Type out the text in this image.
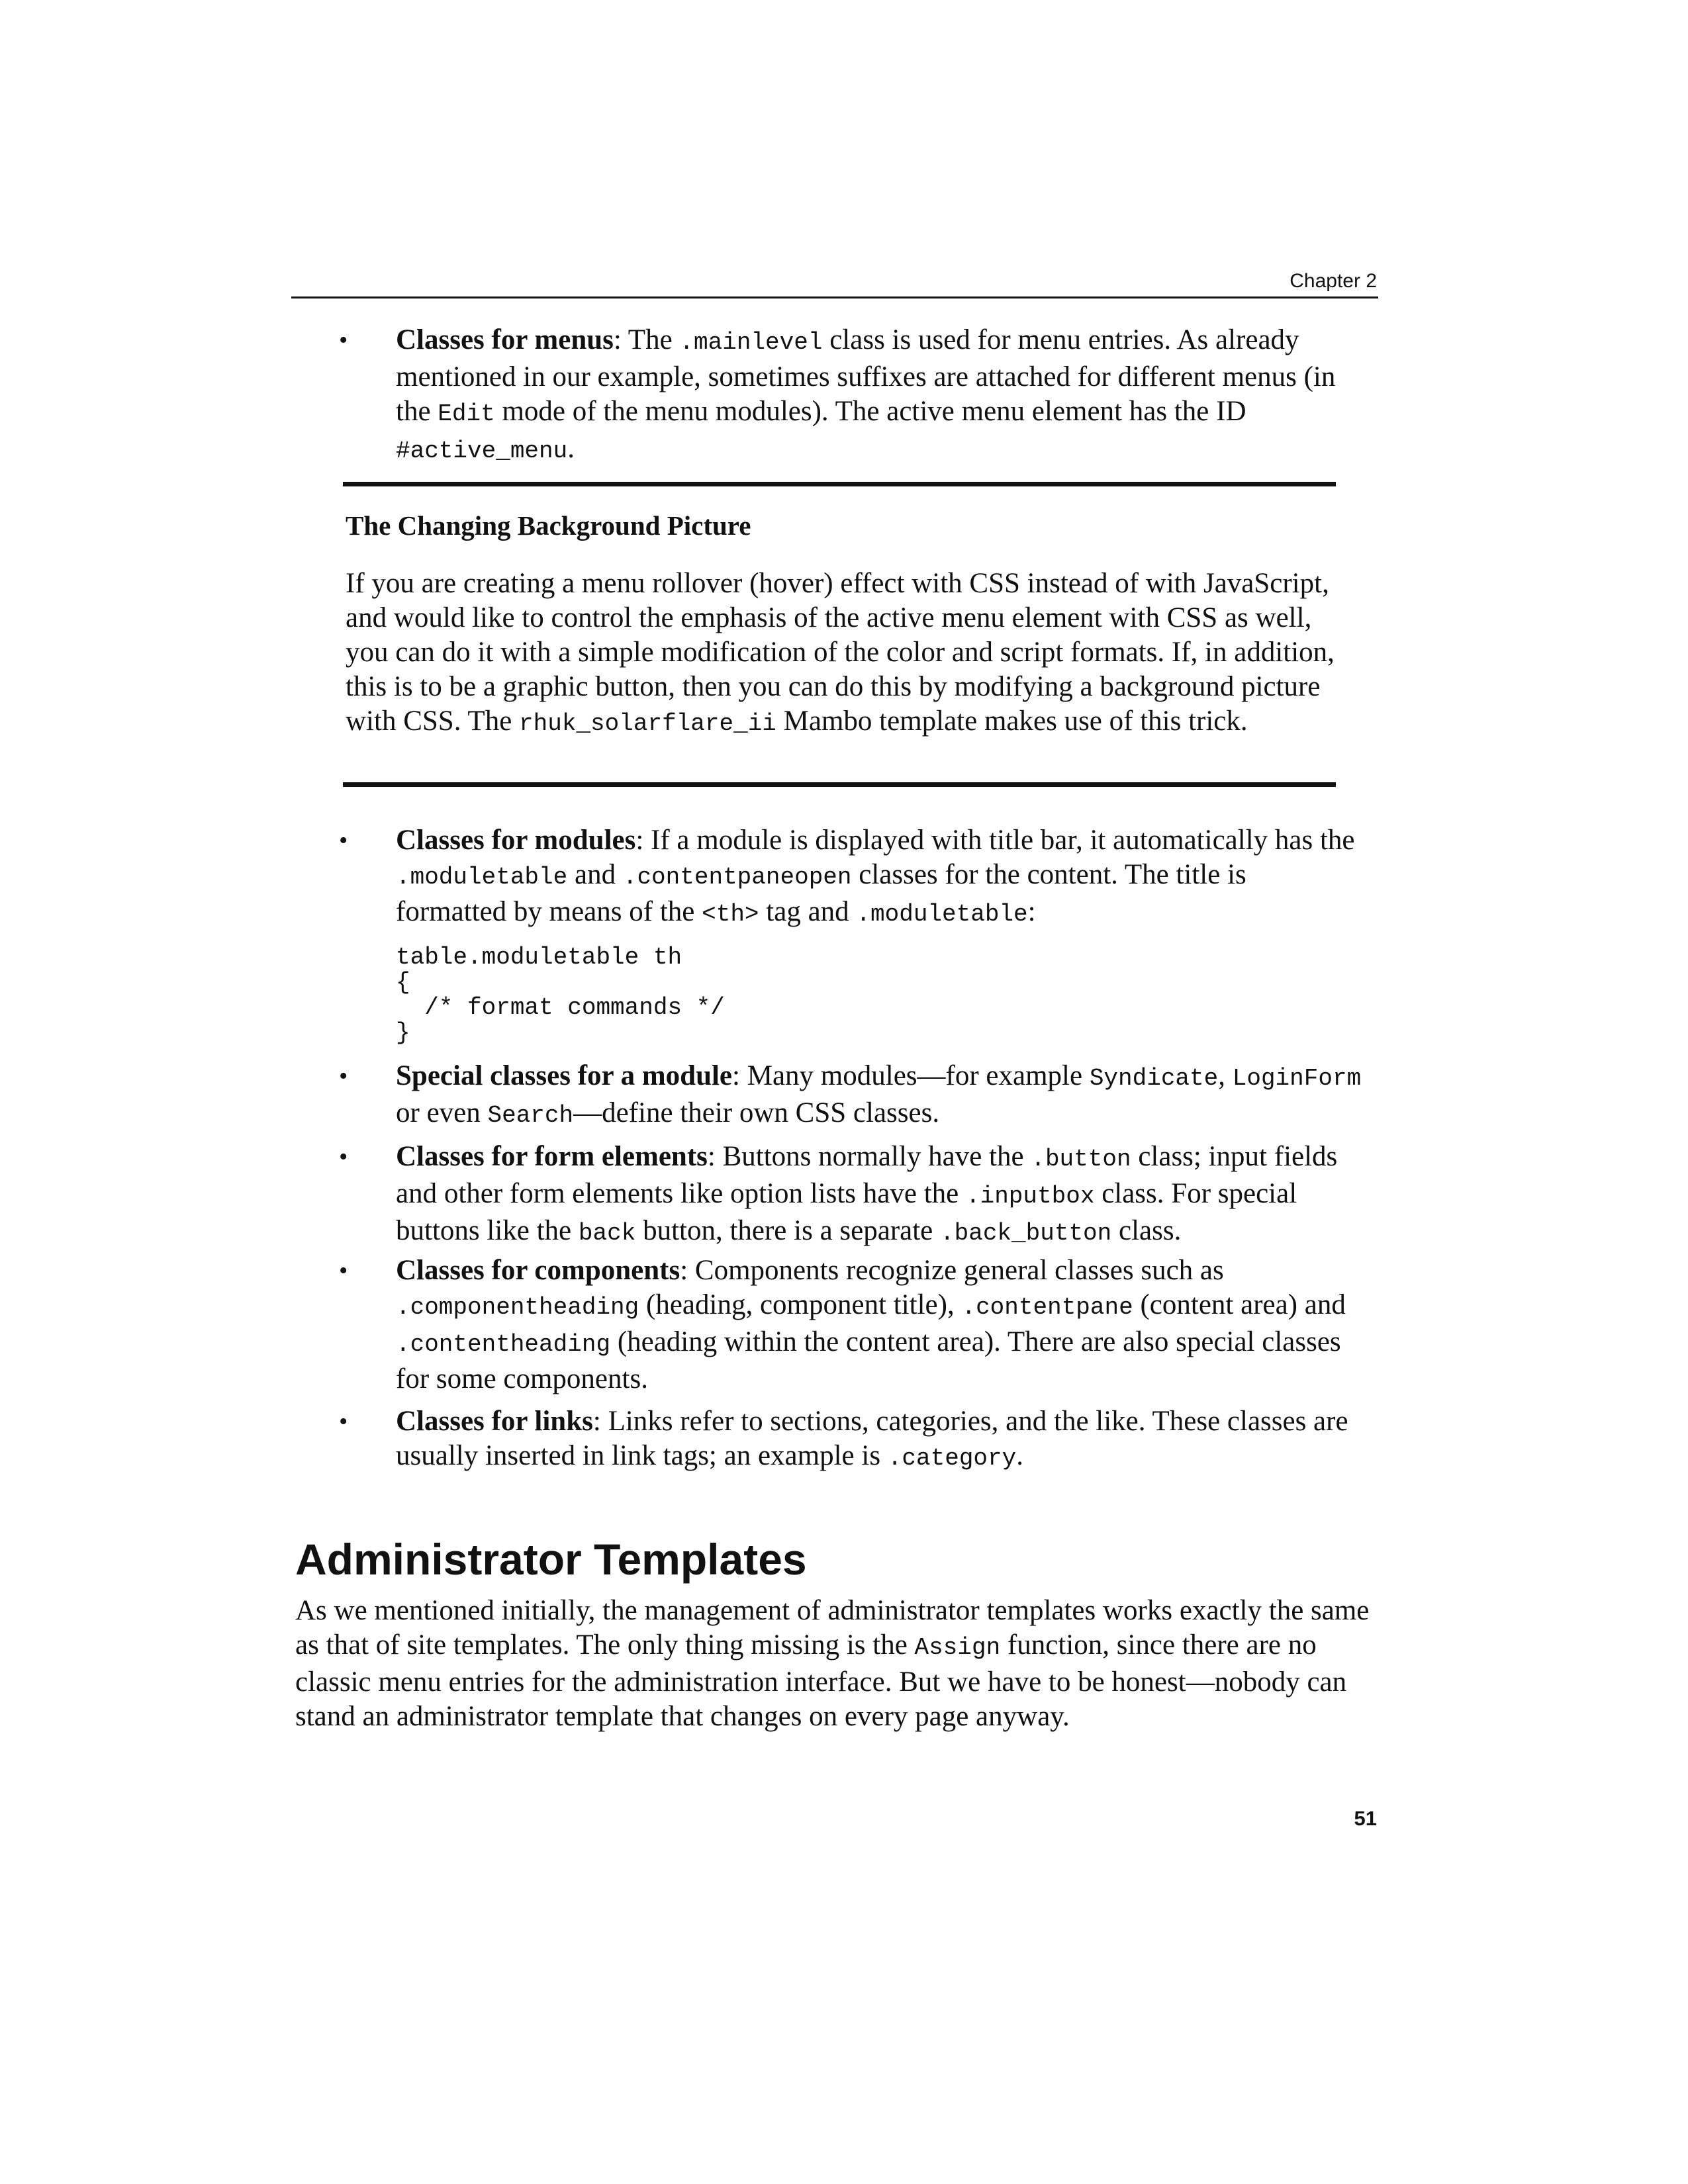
Chapter 2
• Classes for menus: The .mainlevel class is used for menu entries. As already mentioned in our example, sometimes suffixes are attached for different menus (in the Edit mode of the menu modules). The active menu element has the ID #active_menu.
The Changing Background Picture
If you are creating a menu rollover (hover) effect with CSS instead of with JavaScript, and would like to control the emphasis of the active menu element with CSS as well, you can do it with a simple modification of the color and script formats. If, in addition, this is to be a graphic button, then you can do this by modifying a background picture with CSS. The rhuk_solarflare_ii Mambo template makes use of this trick.
• Classes for modules: If a module is displayed with title bar, it automatically has the .moduletable and .contentpaneopen classes for the content. The title is formatted by means of the <th> tag and .moduletable:
table.moduletable th
{
/* format commands */
}
• Special classes for a module: Many modules—for example Syndicate, LoginForm or even Search—define their own CSS classes.
• Classes for form elements: Buttons normally have the .button class; input fields and other form elements like option lists have the .inputbox class. For special buttons like the back button, there is a separate .back_button class.
• Classes for components: Components recognize general classes such as .componentheading (heading, component title), .contentpane (content area) and .contentheading (heading within the content area). There are also special classes for some components.
• Classes for links: Links refer to sections, categories, and the like. These classes are usually inserted in link tags; an example is .category.
Administrator Templates
As we mentioned initially, the management of administrator templates works exactly the same as that of site templates. The only thing missing is the Assign function, since there are no classic menu entries for the administration interface. But we have to be honest—nobody can stand an administrator template that changes on every page anyway.
51
